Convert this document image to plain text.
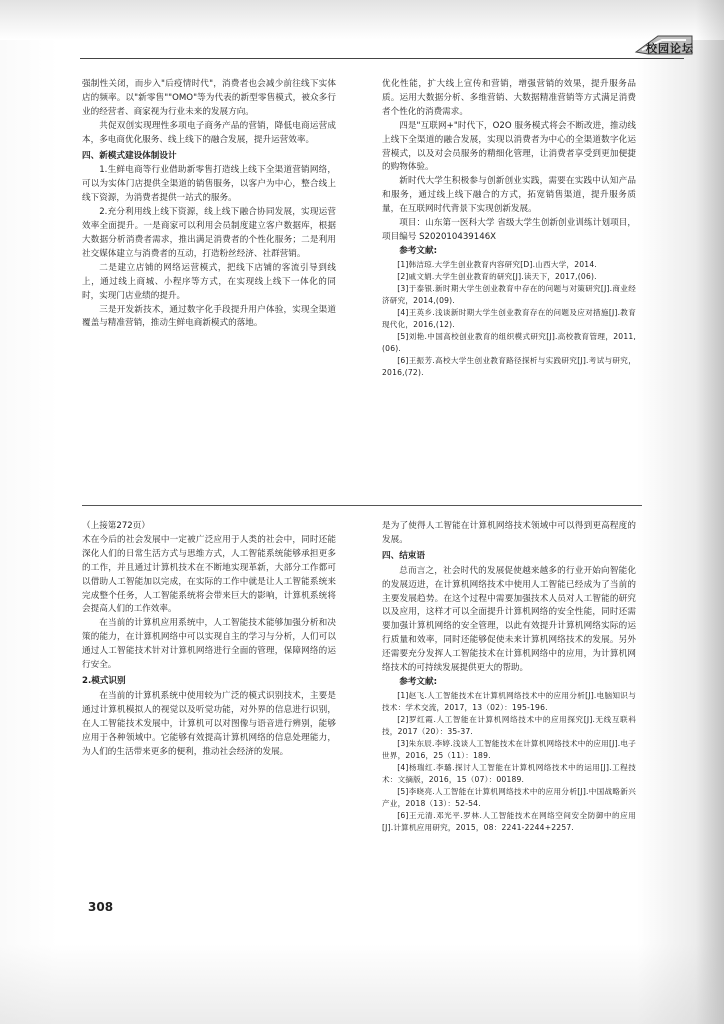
校园论坛

强制性关闭，而步入"后疫情时代"，消费者也会减少前往线下实体店的频率。以"新零售""OMO"等为代表的新型零售模式，被众多行业的经营者、商家视为行业未来的发展方向。

共促双创实现理性多项电子商务产品的营销，降低电商运营成本，多电商优化服务、线上线下的融合发展，提升运营效率。

四、新模式建设体制设计

1.生鲜电商等行业借助新零售打造线上线下全渠道营销网络，可以为实体门店提供全渠道的销售服务，以客户为中心，整合线上线下资源，为消费者提供一站式的服务。

2.充分利用线上线下资源，线上线下融合协同发展，实现运营效率全面提升。一是商家可以利用会员制度建立客户数据库，根据大数据分析消费者需求，推出满足消费者的个性化服务；二是利用社交媒体建立与消费者的互动，打造粉丝经济、社群营销。

二是建立店铺的网络运营模式，把线下店铺的客流引导到线上，通过线上商城、小程序等方式，在实现线上线下一体化的同时，实现门店业绩的提升。

三是开发新技术，通过数字化手段提升用户体验，实现全渠道覆盖与精准营销，推动生鲜电商新模式的落地。

优化性能，扩大线上宣传和营销，增强营销的效果，提升服务品质。运用大数据分析、多维营销、大数据精准营销等方式满足消费者个性化的消费需求。

四是"互联网+"时代下，O2O 服务模式将会不断改进，推动线上线下全渠道的融合发展，实现以消费者为中心的全渠道数字化运营模式，以及对会员服务的精细化管理，让消费者享受到更加便捷的购物体验。

新时代大学生积极参与创新创业实践，需要在实践中认知产品和服务，通过线上线下融合的方式，拓宽销售渠道，提升服务质量，在互联网时代背景下实现创新发展。

项目：山东第一医科大学 省级大学生创新创业训练计划项目，项目编号 S202010439146X

参考文献:

[1]韩洁琼.大学生创业教育内容研究[D].山西大学，2014.

[2]戚文娟.大学生创业教育的研究[J].读天下，2017,(06).

[3]于泰银.新时期大学生创业教育中存在的问题与对策研究[J].商业经济研究，2014,(09).

[4]王英乡.浅谈新时期大学生创业教育存在的问题及应对措施[J].教育现代化，2016,(12).

[5]刘艳.中国高校创业教育的组织模式研究[J].高校教育管理，2011,(06).

[6]王振芳.高校大学生创业教育路径探析与实践研究[J].考试与研究，2016,(72).

（上接第272页）

术在今后的社会发展中一定被广泛应用于人类的社会中，同时还能深化人们的日常生活方式与思维方式，人工智能系统能够承担更多的工作，并且通过计算机技术在不断地实现革新，大部分工作都可以借助人工智能加以完成，在实际的工作中就是让人工智能系统来完成整个任务，人工智能系统将会带来巨大的影响，计算机系统将会提高人们的工作效率。

在当前的计算机应用系统中，人工智能技术能够加强分析和决策的能力，在计算机网络中可以实现自主的学习与分析，人们可以通过人工智能技术针对计算机网络进行全面的管理，保障网络的运行安全。

2.模式识别

在当前的计算机系统中使用较为广泛的模式识别技术，主要是通过计算机模拟人的视觉以及听觉功能，对外界的信息进行识别，在人工智能技术发展中，计算机可以对图像与语音进行辨别，能够应用于各种领域中。它能够有效提高计算机网络的信息处理能力，为人们的生活带来更多的便利，推动社会经济的发展。

是为了使得人工智能在计算机网络技术领域中可以得到更高程度的发展。

四、结束语

总而言之，社会时代的发展促使越来越多的行业开始向智能化的发展迈进，在计算机网络技术中使用人工智能已经成为了当前的主要发展趋势。在这个过程中需要加强技术人员对人工智能的研究以及应用，这样才可以全面提升计算机网络的安全性能，同时还需要加强计算机网络的安全管理，以此有效提升计算机网络实际的运行质量和效率，同时还能够促使未来计算机网络技术的发展。另外还需要充分发挥人工智能技术在计算机网络中的应用，为计算机网络技术的可持续发展提供更大的帮助。

参考文献:

[1]赵飞.人工智能技术在计算机网络技术中的应用分析[J].电脑知识与技术：学术交流，2017，13（02）：195-196.

[2]罗红霞.人工智能在计算机网络技术中的应用探究[J].无线互联科技，2017（20）：35-37.

[3]朱东辰.李婷.浅谈人工智能技术在计算机网络技术中的应用[J].电子世界，2016，25（11）：189.

[4]杨瑞红.李璐.探讨人工智能在计算机网络技术中的运用[J].工程技术：文摘版，2016，15（07）：00189.

[5]李晓亮.人工智能在计算机网络技术中的应用分析[J].中国战略新兴产业，2018（13）：52-54.

[6]王元清.邓光平.罗林.人工智能技术在网络空间安全防御中的应用[J].计算机应用研究，2015，08：2241-2244+2257.

308
